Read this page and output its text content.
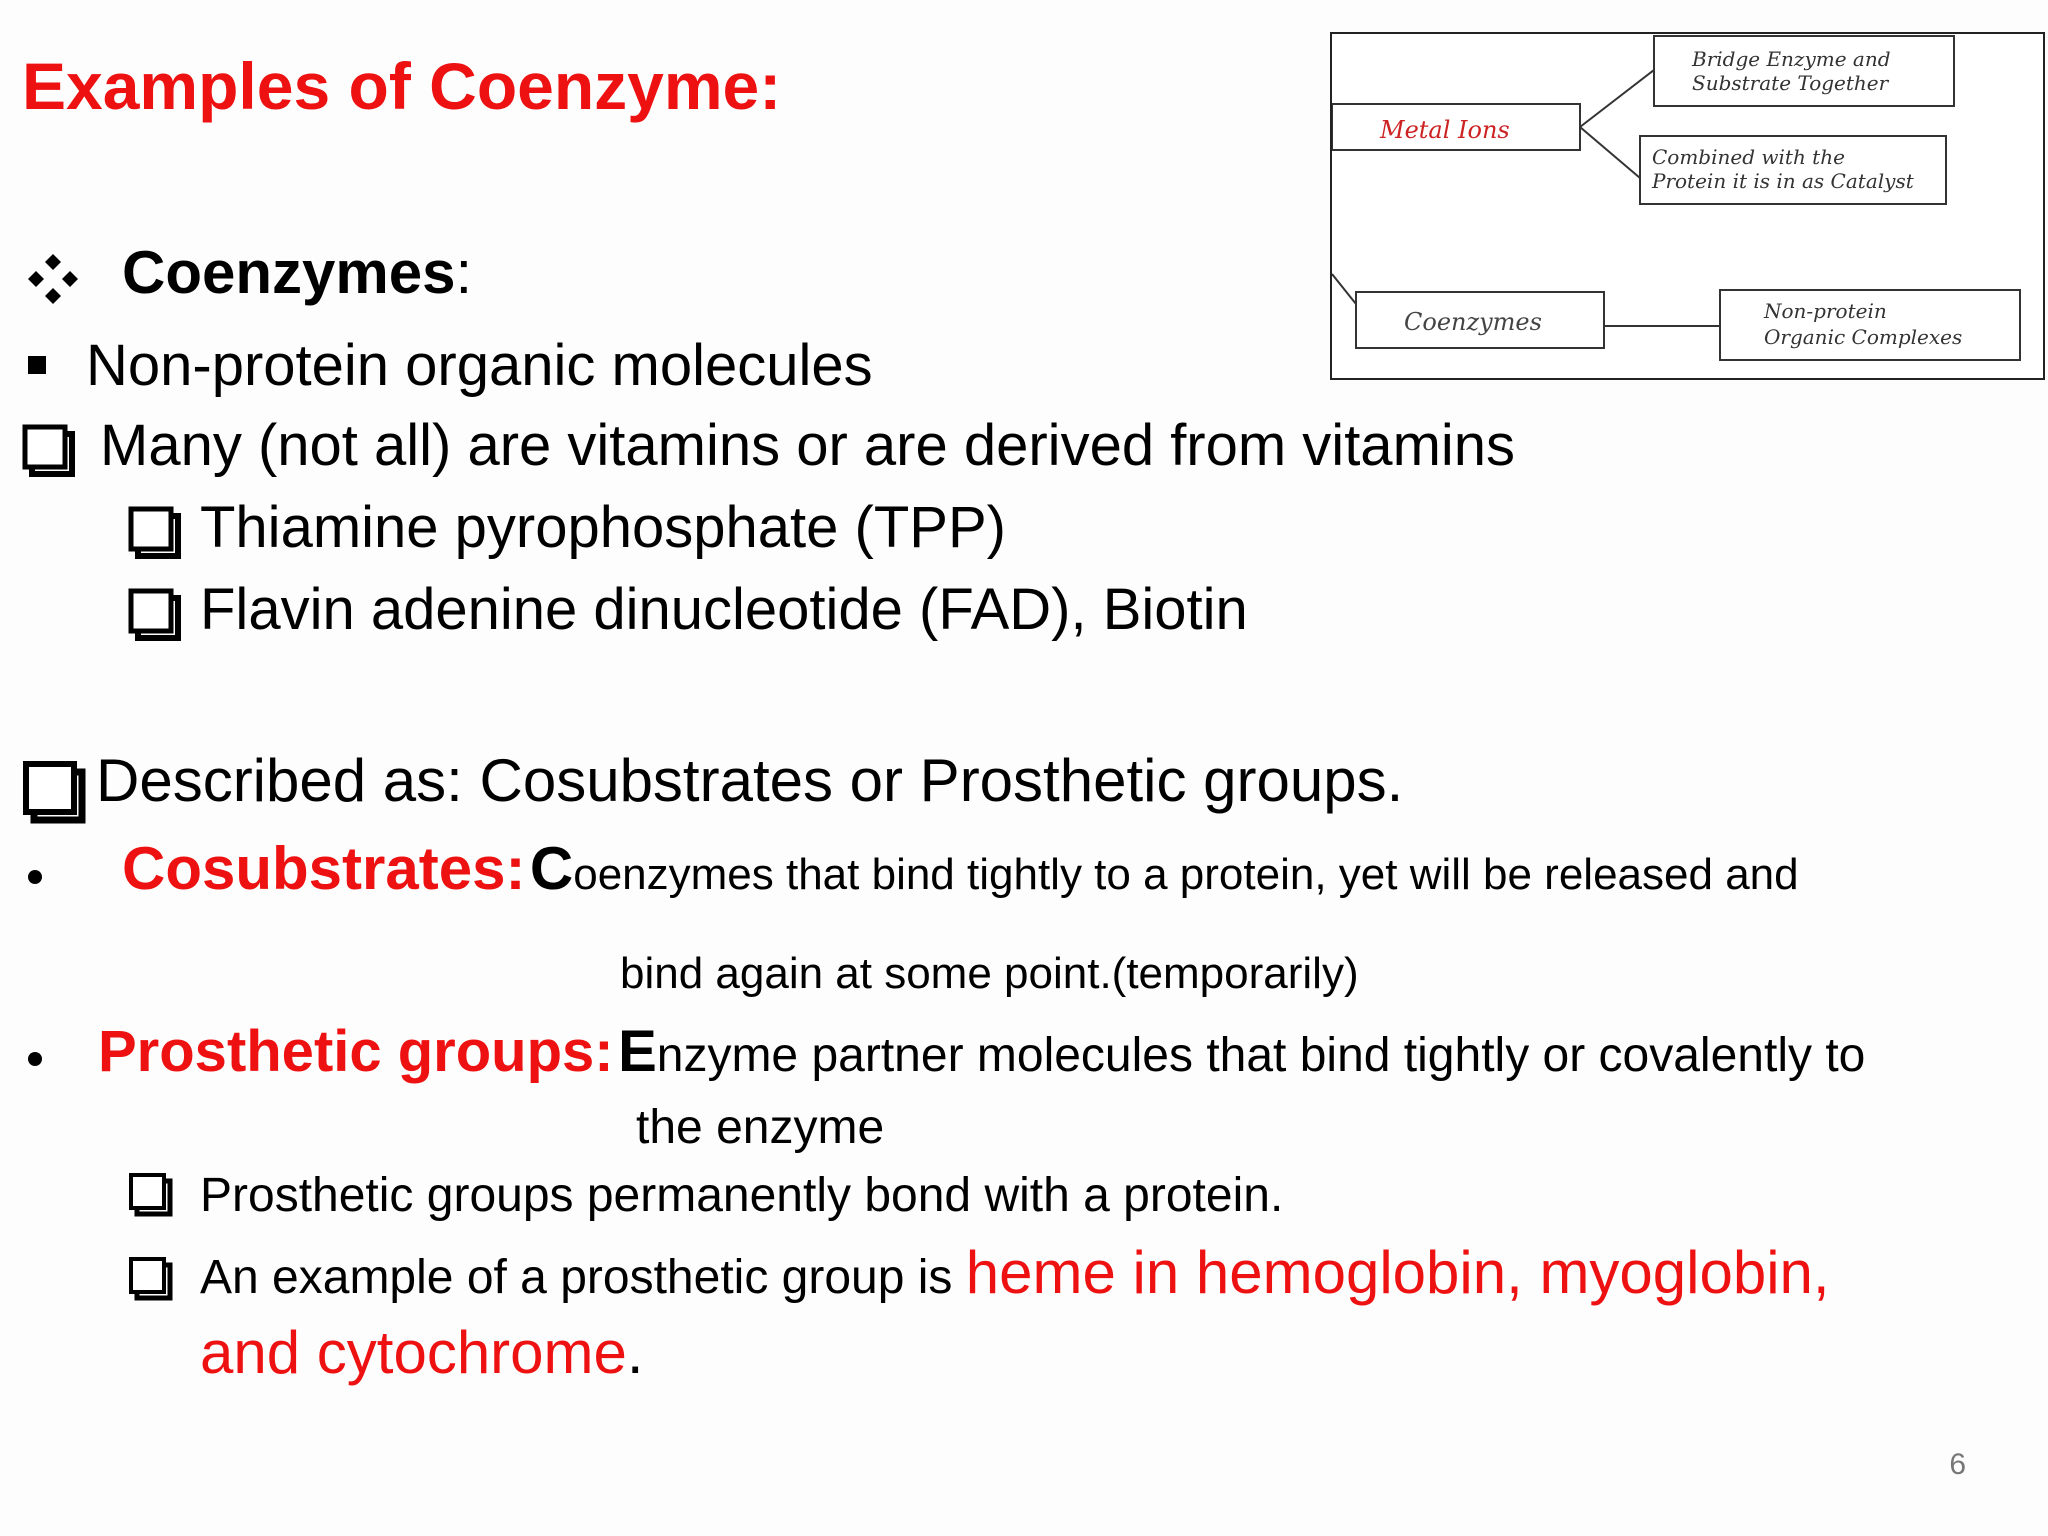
Examples of Coenzyme:
Metal Ions
Bridge Enzyme and
Substrate Together
Combined with the
Protein it is in as Catalyst
Coenzymes	Non-protein
Organic Complexes
Coenzymes:
Non-protein organic molecules
Many (not all) are vitamins or are derived from vitamins
Thiamine pyrophosphate (TPP)
Flavin adenine dinucleotide (FAD), Biotin
Described as: Cosubstrates or Prosthetic groups.
Cosubstrates: Coenzymes that bind tightly to a protein, yet will be released and
bind again at some point.(temporarily)
Prosthetic groups: Enzyme partner molecules that bind tightly or covalently to
the enzyme
Prosthetic groups permanently bond with a protein.
An example of a prosthetic group is heme in hemoglobin, myoglobin,
and cytochrome.
6
